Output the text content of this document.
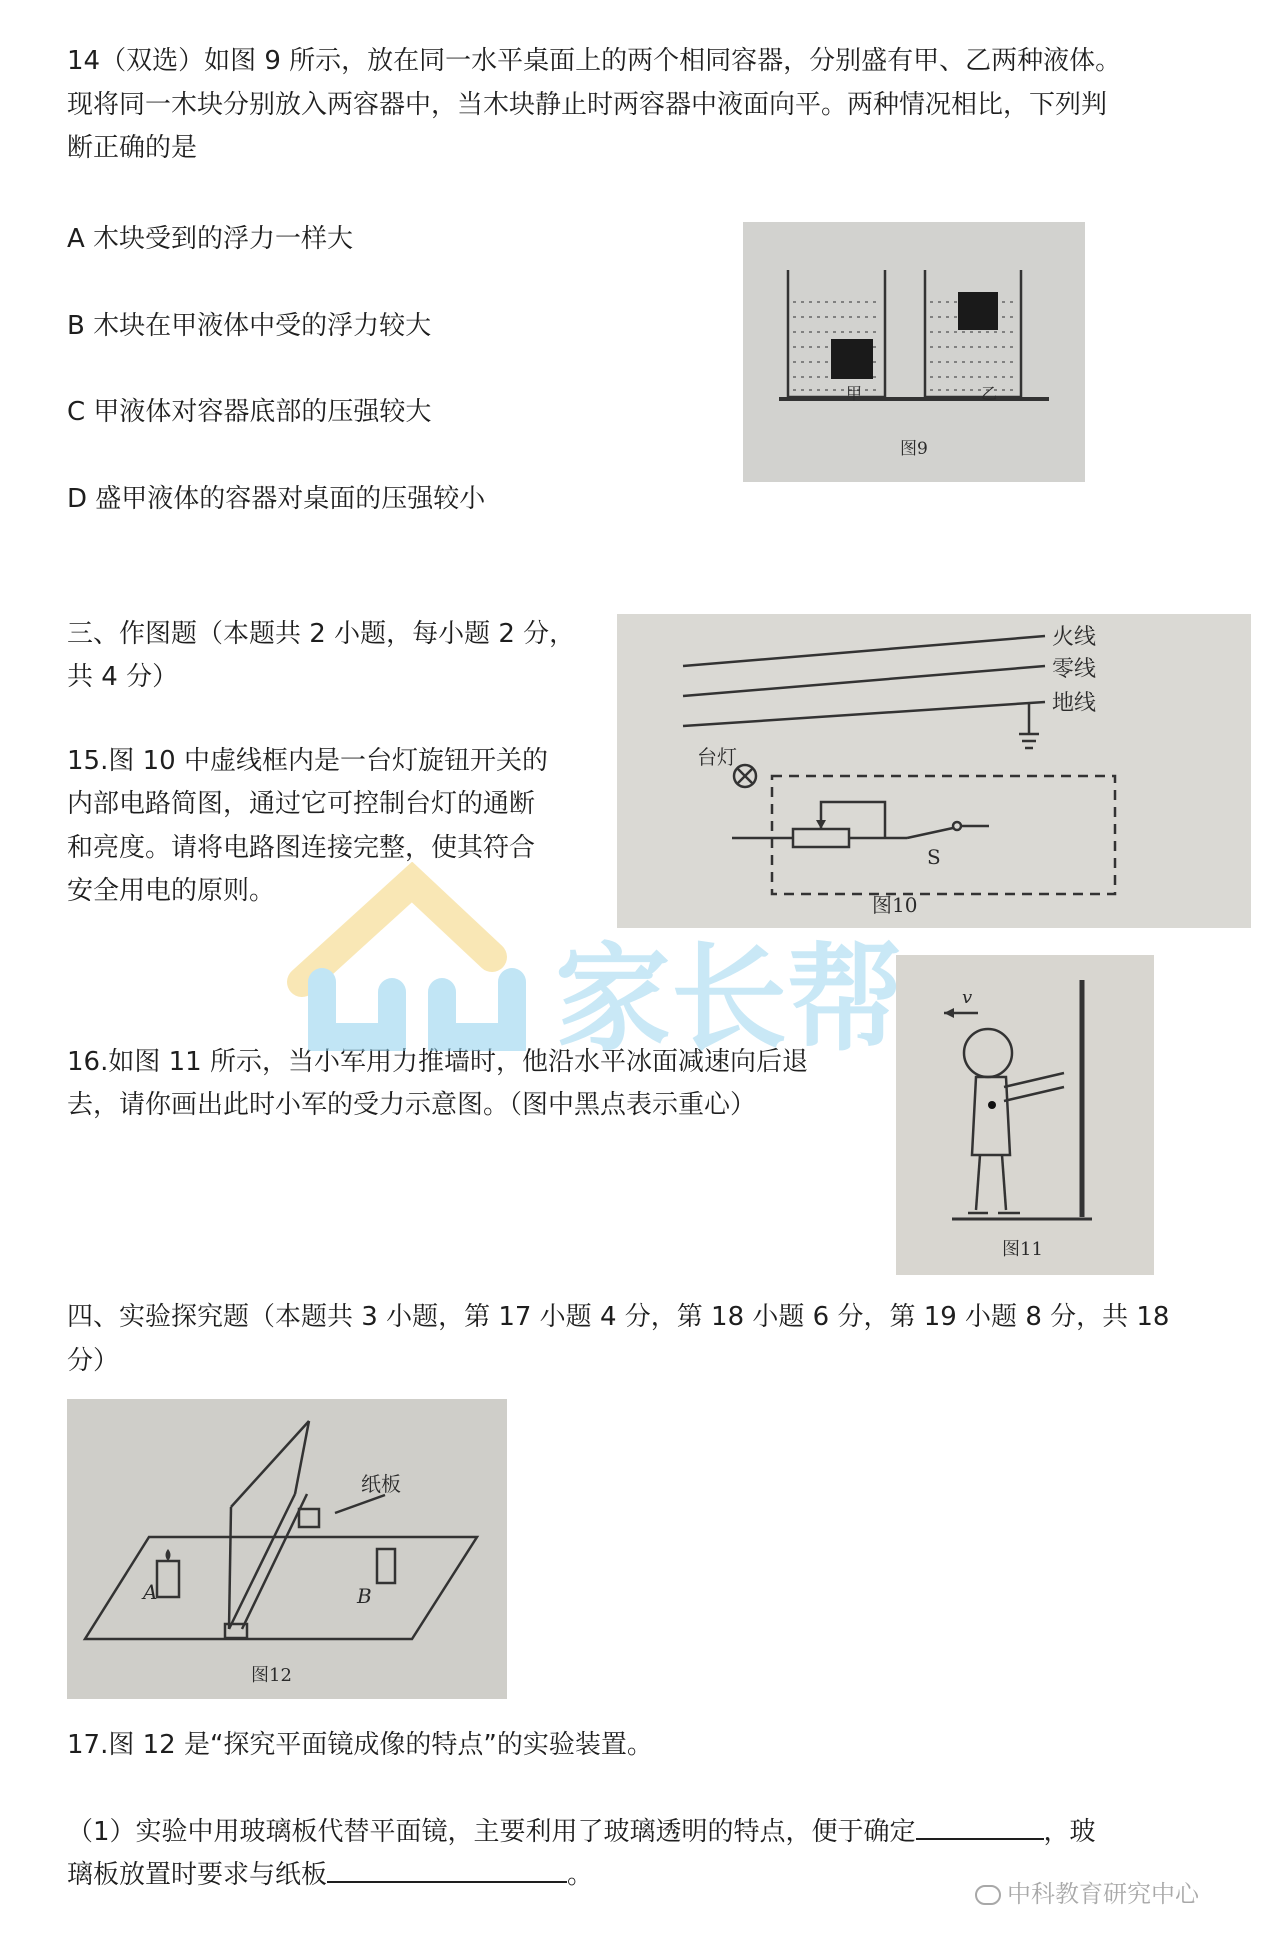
14（双选）如图 9 所示，放在同一水平桌面上的两个相同容器，分别盛有甲、乙两种液体。

现将同一木块分别放入两容器中，当木块静止时两容器中液面向平。两种情况相比，下列判

断正确的是

A 木块受到的浮力一样大

B 木块在甲液体中受的浮力较大

C 甲液体对容器底部的压强较大

D 盛甲液体的容器对桌面的压强较小

甲	乙
图9

三、作图题（本题共 2 小题，每小题 2 分，

共 4 分）

15.图 10 中虚线框内是一台灯旋钮开关的

内部电路简图，通过它可控制台灯的通断

和亮度。请将电路图连接完整，使其符合

安全用电的原则。

火线
零线
地线
台灯
S
图10

16.如图 11 所示，当小军用力推墙时，他沿水平冰面减速向后退

去，请你画出此时小军的受力示意图。（图中黑点表示重心）

v
图11

四、实验探究题（本题共 3 小题，第 17 小题 4 分，第 18 小题 6 分，第 19 小题 8 分，共 18

分）

纸板
A	B
图12

17.图 12 是“探究平面镜成像的特点”的实验装置。

（1）实验中用玻璃板代替平面镜，主要利用了玻璃透明的特点，便于确定	，玻

璃板放置时要求与纸板	。

家长帮
中科教育研究中心
